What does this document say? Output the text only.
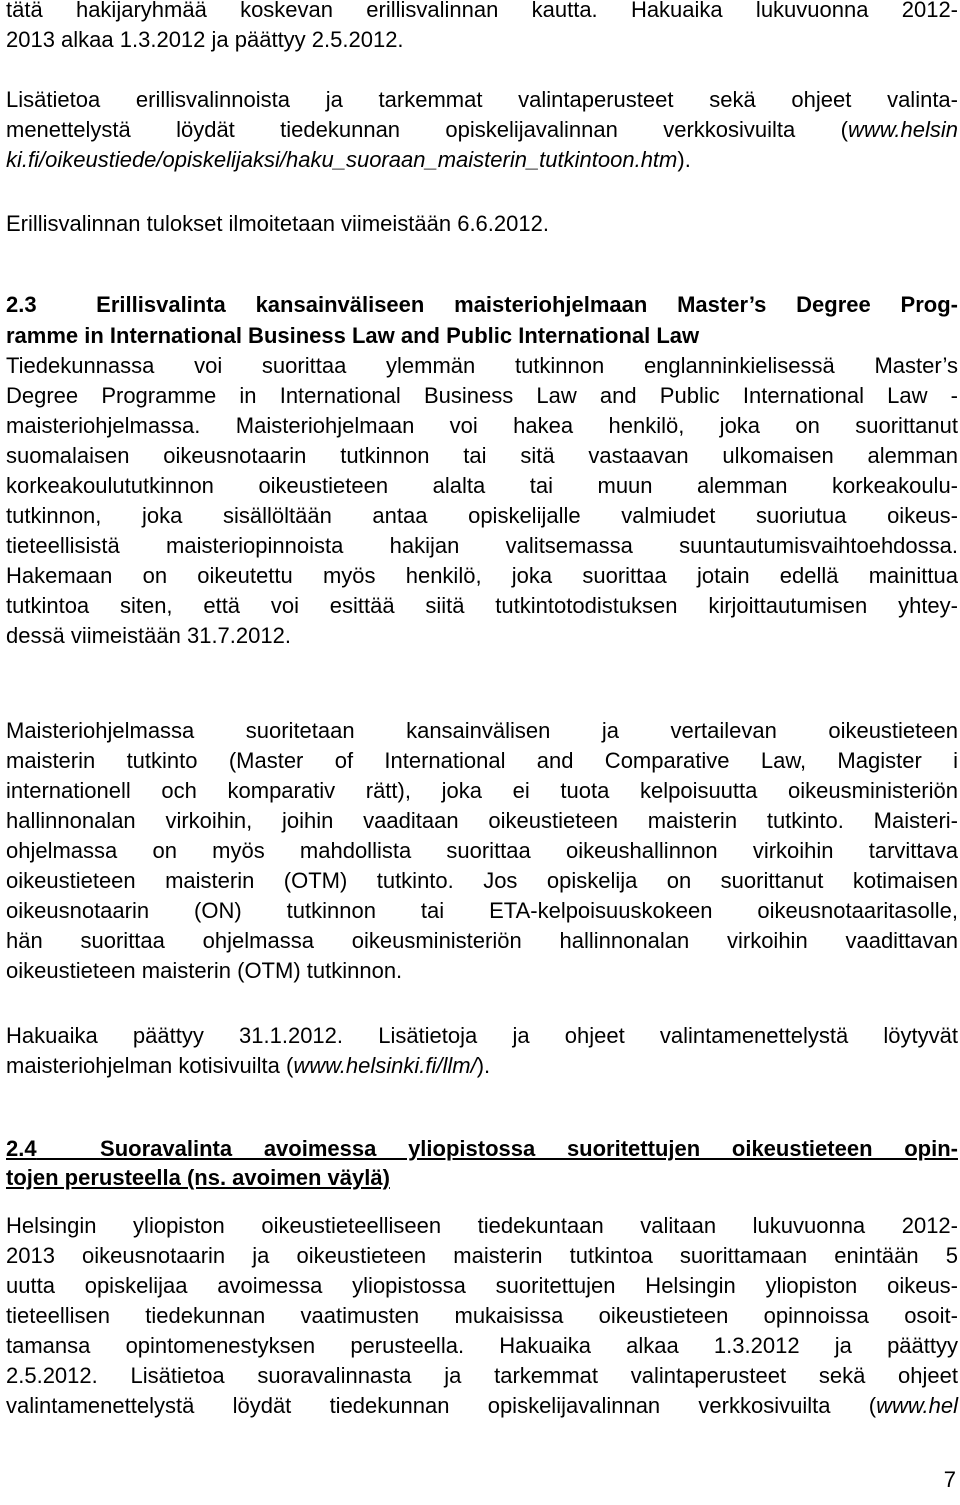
tätä hakijaryhmää koskevan erillisvalinnan kautta. Hakuaika lukuvuonna 2012-
2013 alkaa 1.3.2012 ja päättyy 2.5.2012.
Lisätietoa erillisvalinnoista ja tarkemmat valintaperusteet sekä ohjeet valinta-
menettelystä löydät tiedekunnan opiskelijavalinnan verkkosivuilta (www.helsin
ki.fi/oikeustiede/opiskelijaksi/haku_suoraan_maisterin_tutkintoon.htm).
Erillisvalinnan tulokset ilmoitetaan viimeistään 6.6.2012.
2.3	Erillisvalinta kansainväliseen maisteriohjelmaan Master’s Degree Prog-
ramme in International Business Law and Public International Law
Tiedekunnassa voi suorittaa ylemmän tutkinnon englanninkielisessä Master’s
Degree Programme in International Business Law and Public International Law -
maisteriohjelmassa. Maisteriohjelmaan voi hakea henkilö, joka on suorittanut
suomalaisen oikeusnotaarin tutkinnon tai sitä vastaavan ulkomaisen alemman
korkeakoulututkinnon oikeustieteen alalta tai muun alemman korkeakoulu-
tutkinnon, joka sisällöltään antaa opiskelijalle valmiudet suoriutua oikeus-
tieteellisistä maisteriopinnoista hakijan valitsemassa suuntautumisvaihtoehdossa.
Hakemaan on oikeutettu myös henkilö, joka suorittaa jotain edellä mainittua
tutkintoa siten, että voi esittää siitä tutkintotodistuksen kirjoittautumisen yhtey-
dessä viimeistään 31.7.2012.
Maisteriohjelmassa suoritetaan kansainvälisen ja vertailevan oikeustieteen
maisterin tutkinto (Master of International and Comparative Law, Magister i
internationell och komparativ rätt), joka ei tuota kelpoisuutta oikeusministeriön
hallinnonalan virkoihin, joihin vaaditaan oikeustieteen maisterin tutkinto. Maisteri-
ohjelmassa on myös mahdollista suorittaa oikeushallinnon virkoihin tarvittava
oikeustieteen maisterin (OTM) tutkinto. Jos opiskelija on suorittanut kotimaisen
oikeusnotaarin (ON) tutkinnon tai ETA-kelpoisuuskokeen oikeusnotaaritasolle,
hän suorittaa ohjelmassa oikeusministeriön hallinnonalan virkoihin vaadittavan
oikeustieteen maisterin (OTM) tutkinnon.
Hakuaika päättyy 31.1.2012. Lisätietoja ja ohjeet valintamenettelystä löytyvät
maisteriohjelman kotisivuilta (www.helsinki.fi/llm/).
2.4	Suoravalinta avoimessa yliopistossa suoritettujen oikeustieteen opin-
tojen perusteella (ns. avoimen väylä)
Helsingin yliopiston oikeustieteelliseen tiedekuntaan valitaan lukuvuonna 2012-
2013 oikeusnotaarin ja oikeustieteen maisterin tutkintoa suorittamaan enintään 5
uutta opiskelijaa avoimessa yliopistossa suoritettujen Helsingin yliopiston oikeus-
tieteellisen tiedekunnan vaatimusten mukaisissa oikeustieteen opinnoissa osoit-
tamansa opintomenestyksen perusteella. Hakuaika alkaa 1.3.2012 ja päättyy
2.5.2012. Lisätietoa suoravalinnasta ja tarkemmat valintaperusteet sekä ohjeet
valintamenettelystä löydät tiedekunnan opiskelijavalinnan verkkosivuilta (www.hel
7
